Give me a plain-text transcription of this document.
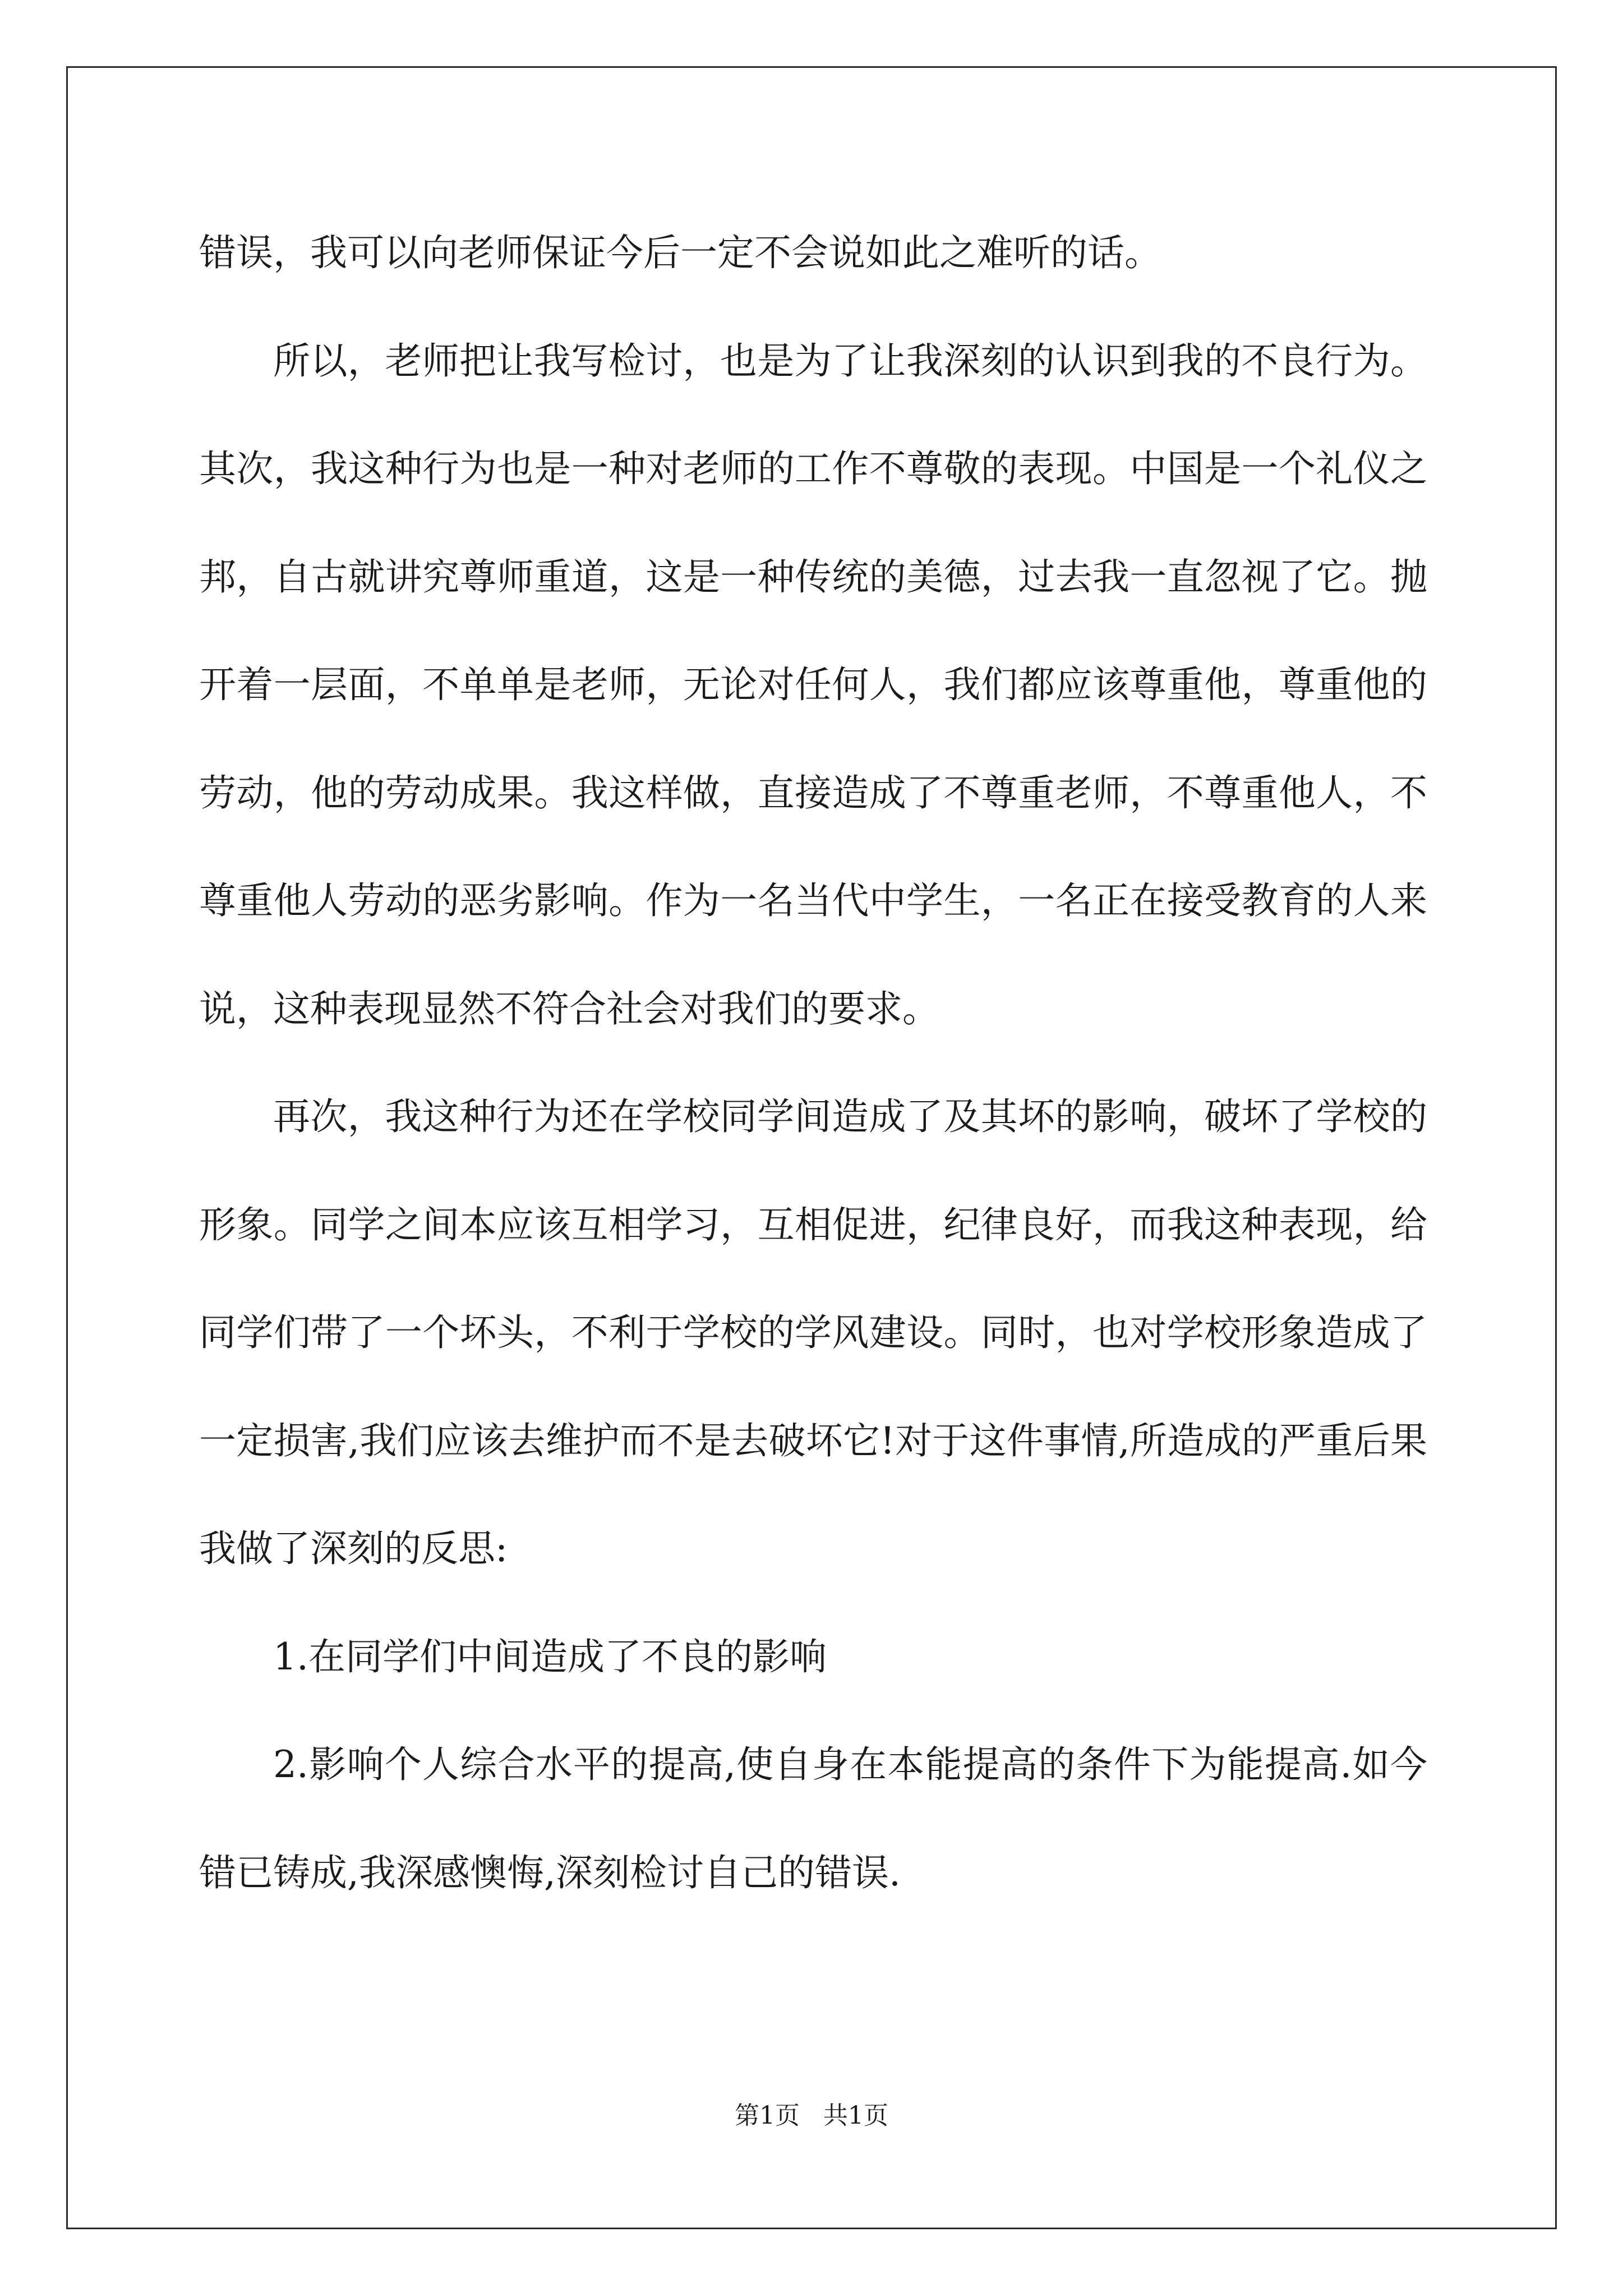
错误，我可以向老师保证今后一定不会说如此之难听的话。

所以，老师把让我写检讨，也是为了让我深刻的认识到我的不良行为。其次，我这种行为也是一种对老师的工作不尊敬的表现。中国是一个礼仪之邦，自古就讲究尊师重道，这是一种传统的美德，过去我一直忽视了它。抛开着一层面，不单单是老师，无论对任何人，我们都应该尊重他，尊重他的劳动，他的劳动成果。我这样做，直接造成了不尊重老师，不尊重他人，不尊重他人劳动的恶劣影响。作为一名当代中学生，一名正在接受教育的人来说，这种表现显然不符合社会对我们的要求。

再次，我这种行为还在学校同学间造成了及其坏的影响，破坏了学校的形象。同学之间本应该互相学习，互相促进，纪律良好，而我这种表现，给同学们带了一个坏头，不利于学校的学风建设。同时，也对学校形象造成了一定损害,我们应该去维护而不是去破坏它!对于这件事情,所造成的严重后果我做了深刻的反思:

1.在同学们中间造成了不良的影响

2.影响个人综合水平的提高,使自身在本能提高的条件下为能提高.如今错已铸成,我深感懊悔,深刻检讨自己的错误.

第1页 共1页
